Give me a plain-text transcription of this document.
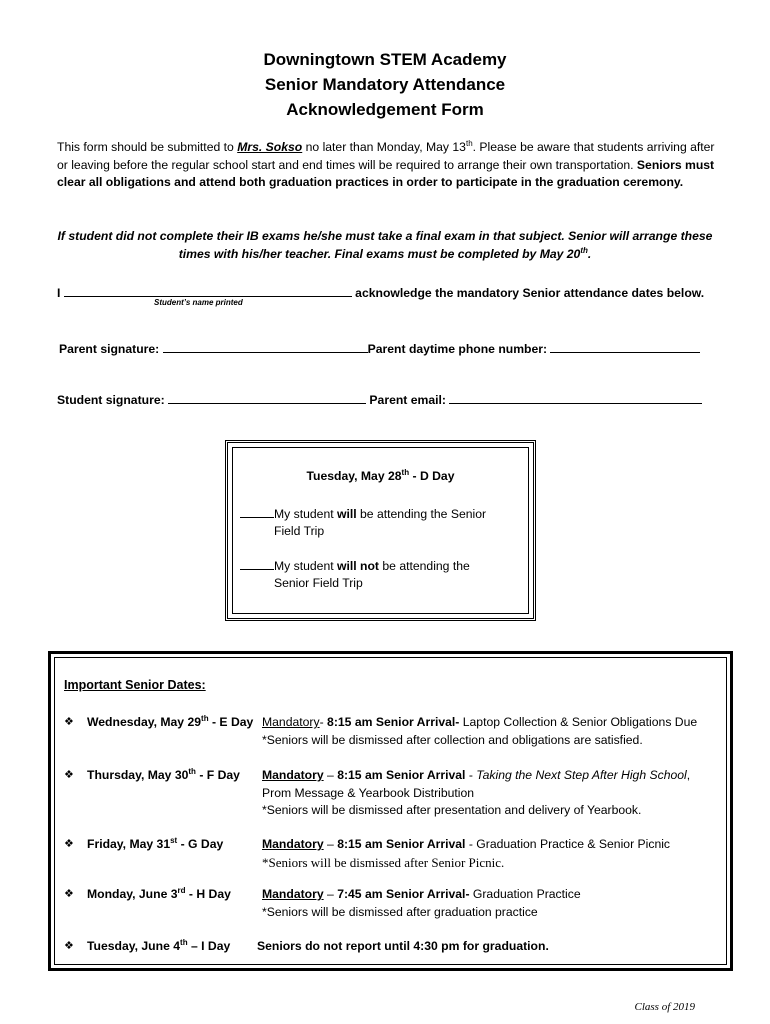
Downingtown STEM Academy
Senior Mandatory Attendance
Acknowledgement Form
This form should be submitted to Mrs. Sokso no later than Monday, May 13th. Please be aware that students arriving after or leaving before the regular school start and end times will be required to arrange their own transportation. Seniors must clear all obligations and attend both graduation practices in order to participate in the graduation ceremony.
If student did not complete their IB exams he/she must take a final exam in that subject. Senior will arrange these times with his/her teacher. Final exams must be completed by May 20th.
I	acknowledge the mandatory Senior attendance dates below.
Student’s name printed
Parent signature:	Parent daytime phone number:
Student signature:	Parent email:
Tuesday, May 28th - D Day
My student will be attending the Senior
Field Trip
My student will not be attending the
Senior Field Trip
Important Senior Dates:
❖ Wednesday, May 29th - E Day Mandatory- 8:15 am Senior Arrival- Laptop Collection & Senior Obligations Due
*Seniors will be dismissed after collection and obligations are satisfied.
❖ Thursday, May 30th - F Day Mandatory – 8:15 am Senior Arrival - Taking the Next Step After High School, Prom Message & Yearbook Distribution
*Seniors will be dismissed after presentation and delivery of Yearbook.
❖ Friday, May 31st - G Day	Mandatory – 8:15 am Senior Arrival - Graduation Practice & Senior Picnic
*Seniors will be dismissed after Senior Picnic.
❖ Monday, June 3rd - H Day	Mandatory – 7:45 am Senior Arrival- Graduation Practice
*Seniors will be dismissed after graduation practice
❖ Tuesday, June 4th – I Day Seniors do not report until 4:30 pm for graduation.
Class of 2019
